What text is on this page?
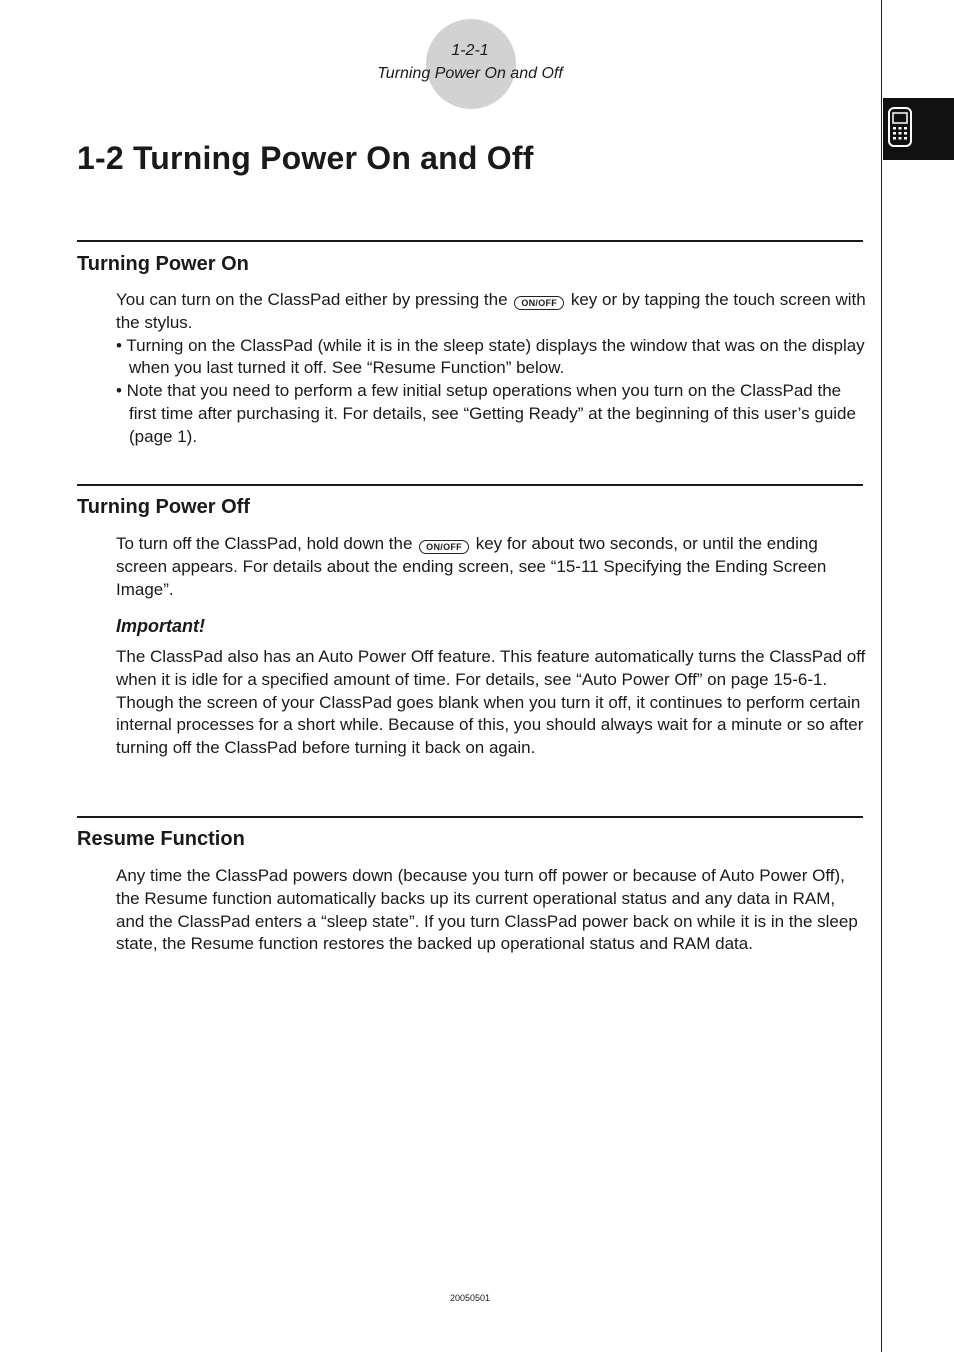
1-2-1
Turning Power On and Off
1-2 Turning Power On and Off
Turning Power On

You can turn on the ClassPad either by pressing the ON/OFF key or by tapping the touch screen with the stylus.

• Turning on the ClassPad (while it is in the sleep state) displays the window that was on the display when you last turned it off. See “Resume Function” below.

• Note that you need to perform a few initial setup operations when you turn on the ClassPad the first time after purchasing it. For details, see “Getting Ready” at the beginning of this user’s guide (page 1).

Turning Power Off

To turn off the ClassPad, hold down the ON/OFF key for about two seconds, or until the ending screen appears. For details about the ending screen, see “15-11 Specifying the Ending Screen Image”.

Important!

The ClassPad also has an Auto Power Off feature. This feature automatically turns the ClassPad off when it is idle for a specified amount of time. For details, see “Auto Power Off” on page 15-6-1.

Though the screen of your ClassPad goes blank when you turn it off, it continues to perform certain internal processes for a short while. Because of this, you should always wait for a minute or so after turning off the ClassPad before turning it back on again.

Resume Function

Any time the ClassPad powers down (because you turn off power or because of Auto Power Off), the Resume function automatically backs up its current operational status and any data in RAM, and the ClassPad enters a “sleep state”. If you turn ClassPad power back on while it is in the sleep state, the Resume function restores the backed up operational status and RAM data.

20050501
